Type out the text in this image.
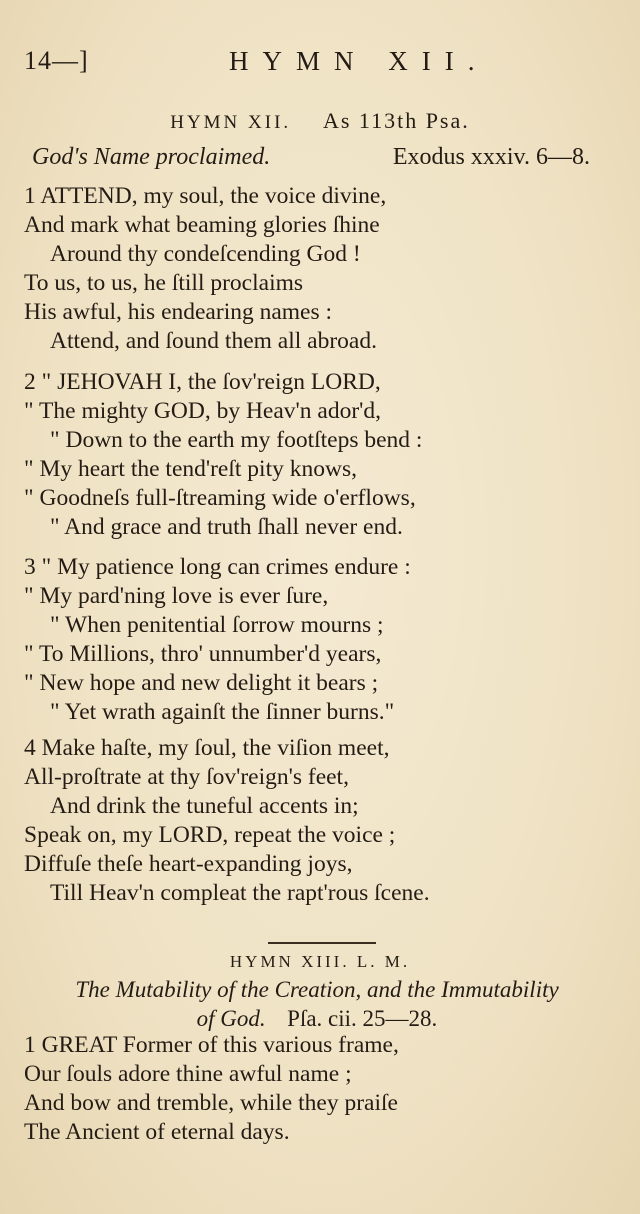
14—]	HYMN XII.
HYMN XII. As 113th Psa.
God's Name proclaimed.	Exodus xxxiv. 6—8.
1 ATTEND, my soul, the voice divine,
And mark what beaming glories ſhine
Around thy condeſcending God !
To us, to us, he ſtill proclaims
His awful, his endearing names :
Attend, and ſound them all abroad.
2 " JEHOVAH I, the ſov'reign LORD,
" The mighty GOD, by Heav'n ador'd,
" Down to the earth my footſteps bend :
" My heart the tend'reſt pity knows,
" Goodneſs full-ſtreaming wide o'erflows,
" And grace and truth ſhall never end.
3 " My patience long can crimes endure :
" My pard'ning love is ever ſure,
" When penitential ſorrow mourns ;
" To Millions, thro' unnumber'd years,
" New hope and new delight it bears ;
" Yet wrath againſt the ſinner burns."
4 Make haſte, my ſoul, the viſion meet,
All-proſtrate at thy ſov'reign's feet,
And drink the tuneful accents in;
Speak on, my LORD, repeat the voice ;
Diffuſe theſe heart-expanding joys,
Till Heav'n compleat the rapt'rous ſcene.
HYMN XIII. L. M.
The Mutability of the Creation, and the Immutability
of God. Pſa. cii. 25—28.
1 GREAT Former of this various frame,
Our ſouls adore thine awful name ;
And bow and tremble, while they praiſe
The Ancient of eternal days.
